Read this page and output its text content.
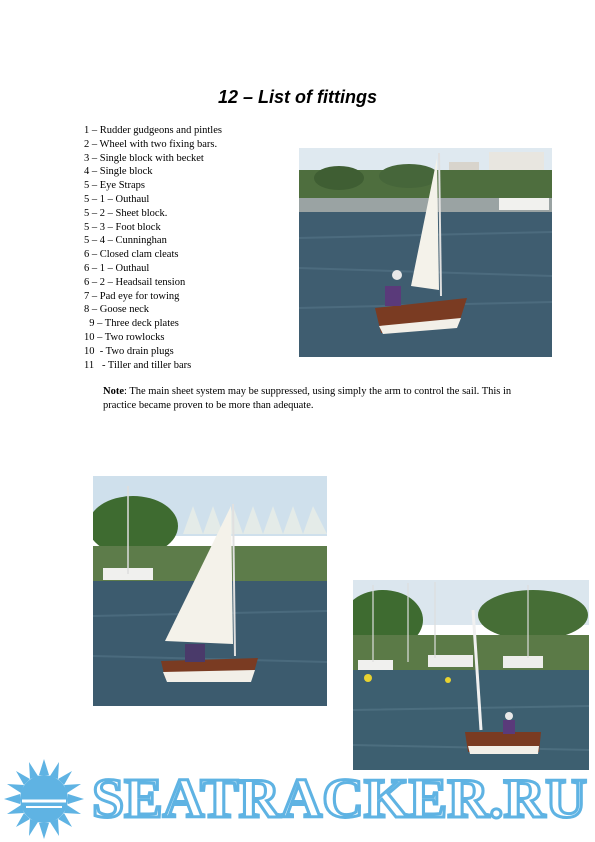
12 – List of fittings
1 – Rudder gudgeons and pintles
2 – Wheel with two fixing bars.
3 – Single block with becket
4 – Single block
5 – Eye Straps
5 – 1 – Outhaul
5 – 2 – Sheet block.
5 – 3 – Foot block
5 – 4 – Cunninghan
6 – Closed clam cleats
6 – 1 – Outhaul
6 – 2 – Headsail tension
7 – Pad eye for towing
8 – Goose neck
9 – Three deck plates
10 – Two rowlocks
10  - Two drain plugs
11   - Tiller and tiller bars

Note: The main sheet system may be suppressed, using simply the arm to control the sail. This in practice became proven to be more than adequate.

SEATRACKER.RU
